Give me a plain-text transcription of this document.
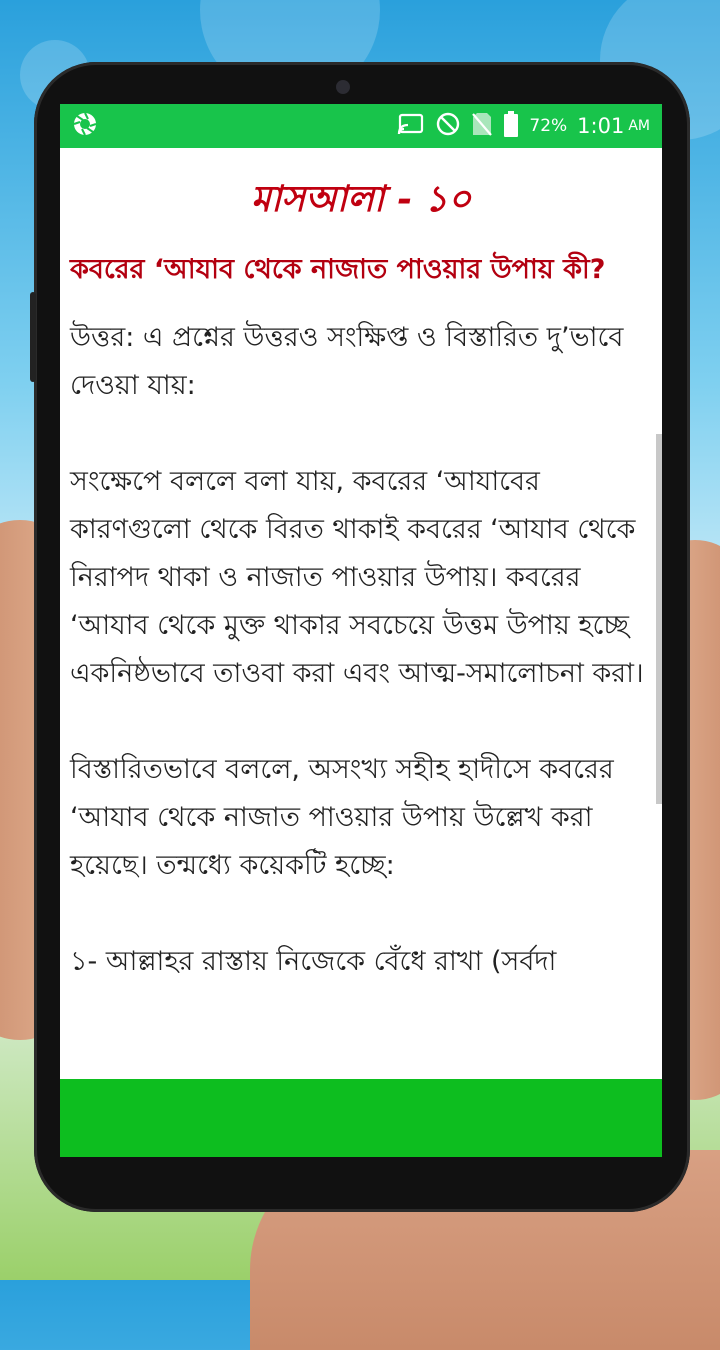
72% 1:01 AM
মাসআলা - ১০
কবরের ‘আযাব থেকে নাজাত পাওয়ার উপায় কী?
উত্তর: এ প্রশ্নের উত্তরও সংক্ষিপ্ত ও বিস্তারিত দু’ভাবে দেওয়া যায়:
সংক্ষেপে বললে বলা যায়, কবরের ‘আযাবের কারণগুলো থেকে বিরত থাকাই কবরের ‘আযাব থেকে নিরাপদ থাকা ও নাজাত পাওয়ার উপায়। কবরের ‘আযাব থেকে মুক্ত থাকার সবচেয়ে উত্তম উপায় হচ্ছে একনিষ্ঠভাবে তাওবা করা এবং আত্ম-সমালোচনা করা।
বিস্তারিতভাবে বললে, অসংখ্য সহীহ হাদীসে কবরের ‘আযাব থেকে নাজাত পাওয়ার উপায় উল্লেখ করা হয়েছে। তন্মধ্যে কয়েকটি হচ্ছে:
১- আল্লাহর রাস্তায় নিজেকে বেঁধে রাখা (সর্বদা
